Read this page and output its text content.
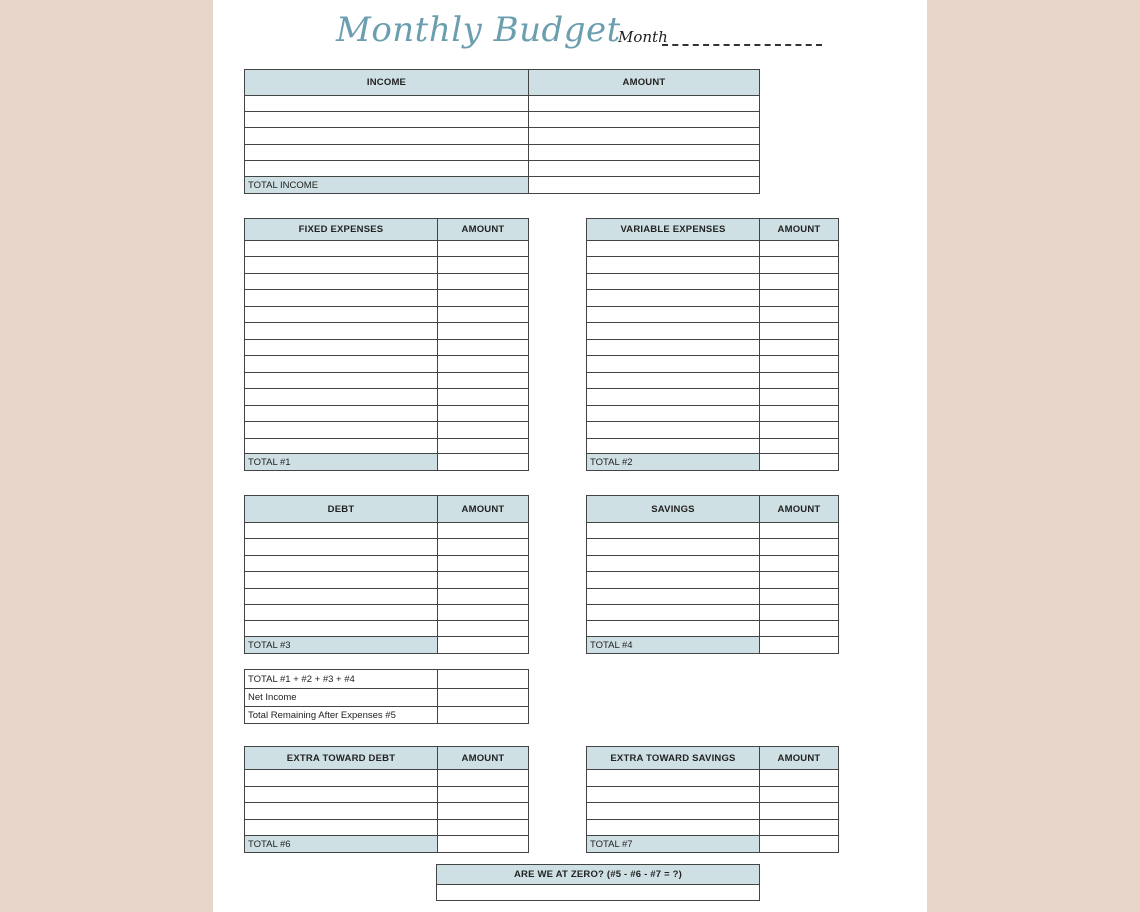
Monthly Budget
Month
INCOME	AMOUNT
TOTAL INCOME
FIXED EXPENSES	AMOUNT
TOTAL #1
VARIABLE EXPENSES	AMOUNT
TOTAL #2
DEBT	AMOUNT
TOTAL #3
SAVINGS	AMOUNT
TOTAL #4
TOTAL #1 + #2 + #3 + #4
Net Income
Total Remaining After Expenses #5
EXTRA TOWARD DEBT	AMOUNT
TOTAL #6
EXTRA TOWARD SAVINGS	AMOUNT
TOTAL #7
ARE WE AT ZERO? (#5 - #6 - #7 = ?)
